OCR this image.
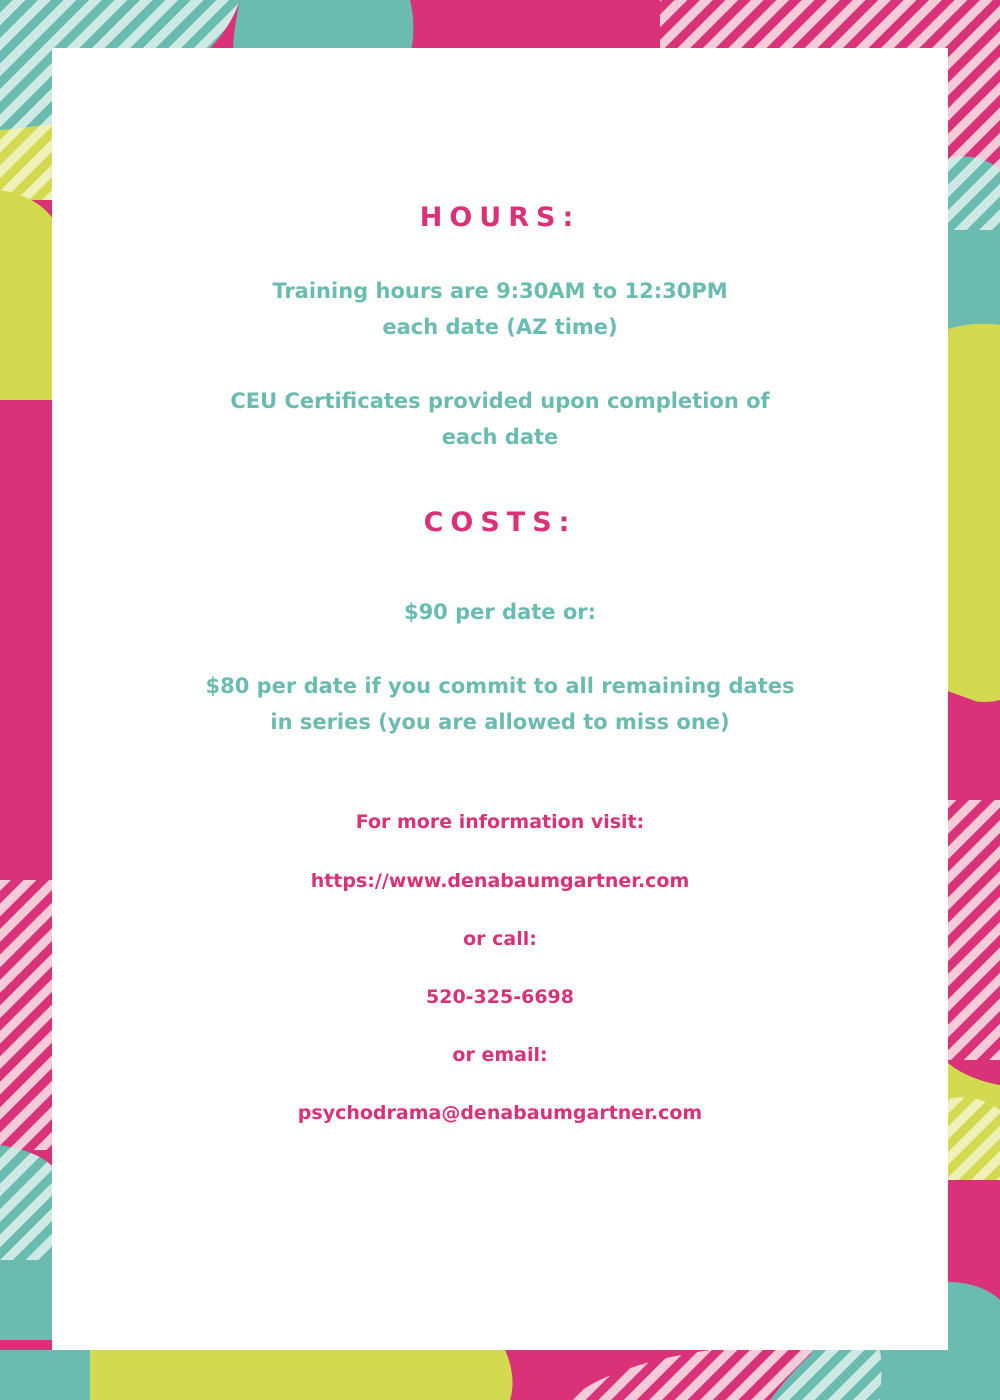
HOURS:

Training hours are 9:30AM to 12:30PM

each date (AZ time)

CEU Certificates provided upon completion of

each date

COSTS:

$90 per date or:

$80 per date if you commit to all remaining dates

in series (you are allowed to miss one)

For more information visit:

https://www.denabaumgartner.com

or call:

520-325-6698

or email:

psychodrama@denabaumgartner.com
